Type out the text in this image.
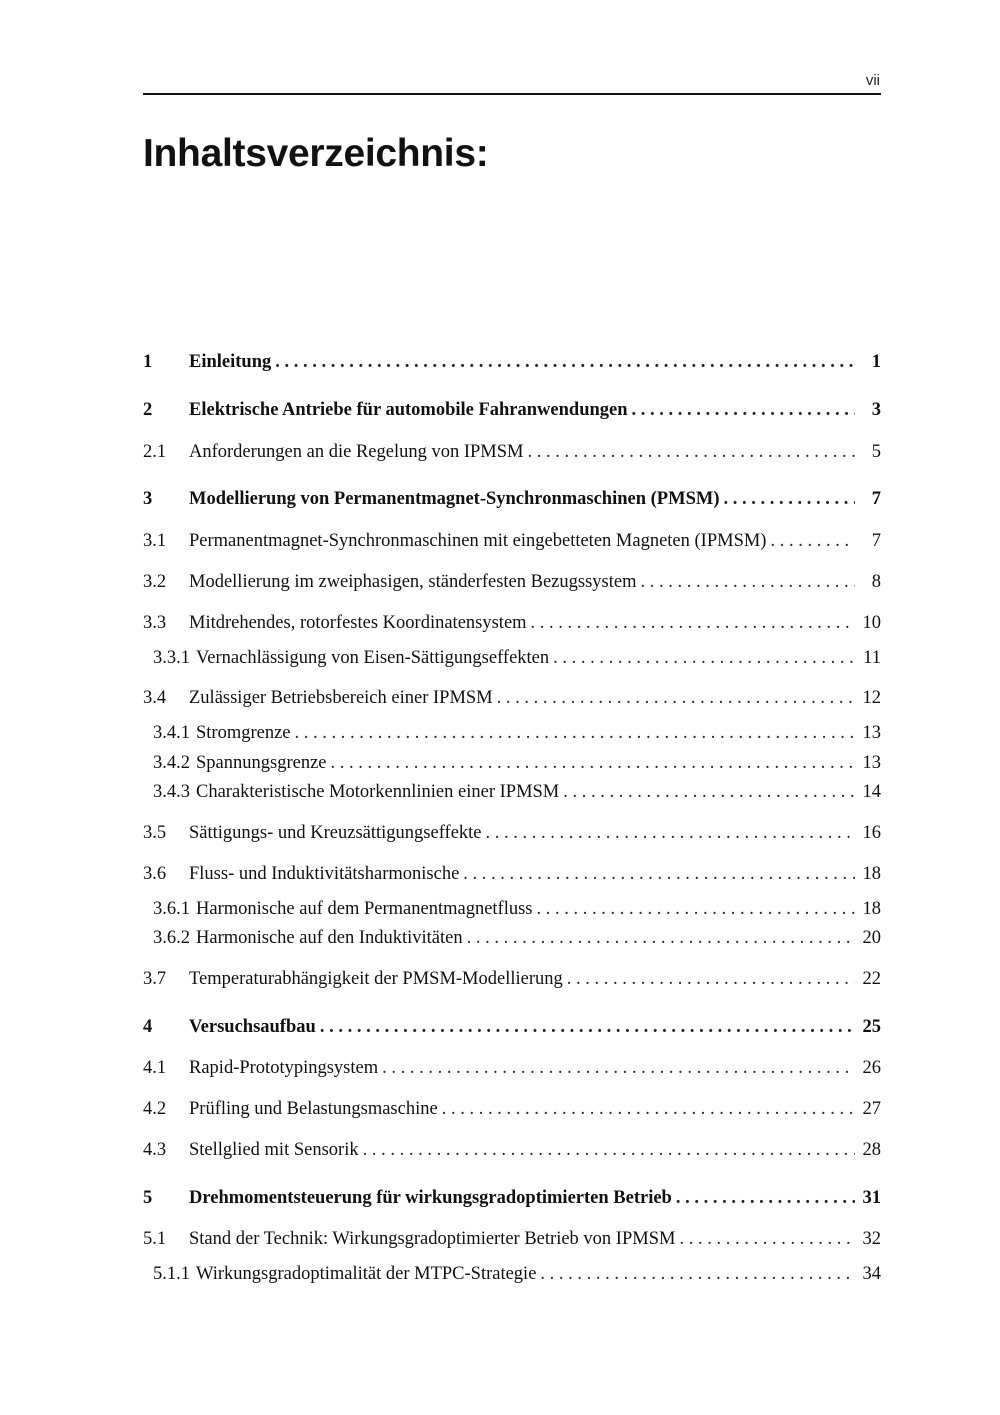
vii
Inhaltsverzeichnis:
1	Einleitung . . .	1
2	Elektrische Antriebe für automobile Fahranwendungen . . .	3
2.1	Anforderungen an die Regelung von IPMSM . . .	5
3	Modellierung von Permanentmagnet-Synchronmaschinen (PMSM) . . .	7
3.1	Permanentmagnet-Synchronmaschinen mit eingebetteten Magneten (IPMSM) . . .	7
3.2	Modellierung im zweiphasigen, ständerfesten Bezugssystem . . .	8
3.3	Mitdrehendes, rotorfestes Koordinatensystem . . .	10
3.3.1 Vernachlässigung von Eisen-Sättigungseffekten . . .	11
3.4	Zulässiger Betriebsbereich einer IPMSM . . .	12
3.4.1 Stromgrenze . . .	13
3.4.2 Spannungsgrenze . . .	13
3.4.3 Charakteristische Motorkennlinien einer IPMSM . . .	14
3.5	Sättigungs- und Kreuzsättigungseffekte . . .	16
3.6	Fluss- und Induktivitätsharmonische . . .	18
3.6.1 Harmonische auf dem Permanentmagnetfluss . . .	18
3.6.2 Harmonische auf den Induktivitäten . . .	20
3.7	Temperaturabhängigkeit der PMSM-Modellierung . . .	22
4	Versuchsaufbau . . .	25
4.1	Rapid-Prototypingsystem . . .	26
4.2	Prüfling und Belastungsmaschine . . .	27
4.3	Stellglied mit Sensorik . . .	28
5	Drehmomentsteuerung für wirkungsgradoptimierten Betrieb . . .	31
5.1	Stand der Technik: Wirkungsgradoptimierter Betrieb von IPMSM . . .	32
5.1.1 Wirkungsgradoptimalität der MTPC-Strategie . . .	34
